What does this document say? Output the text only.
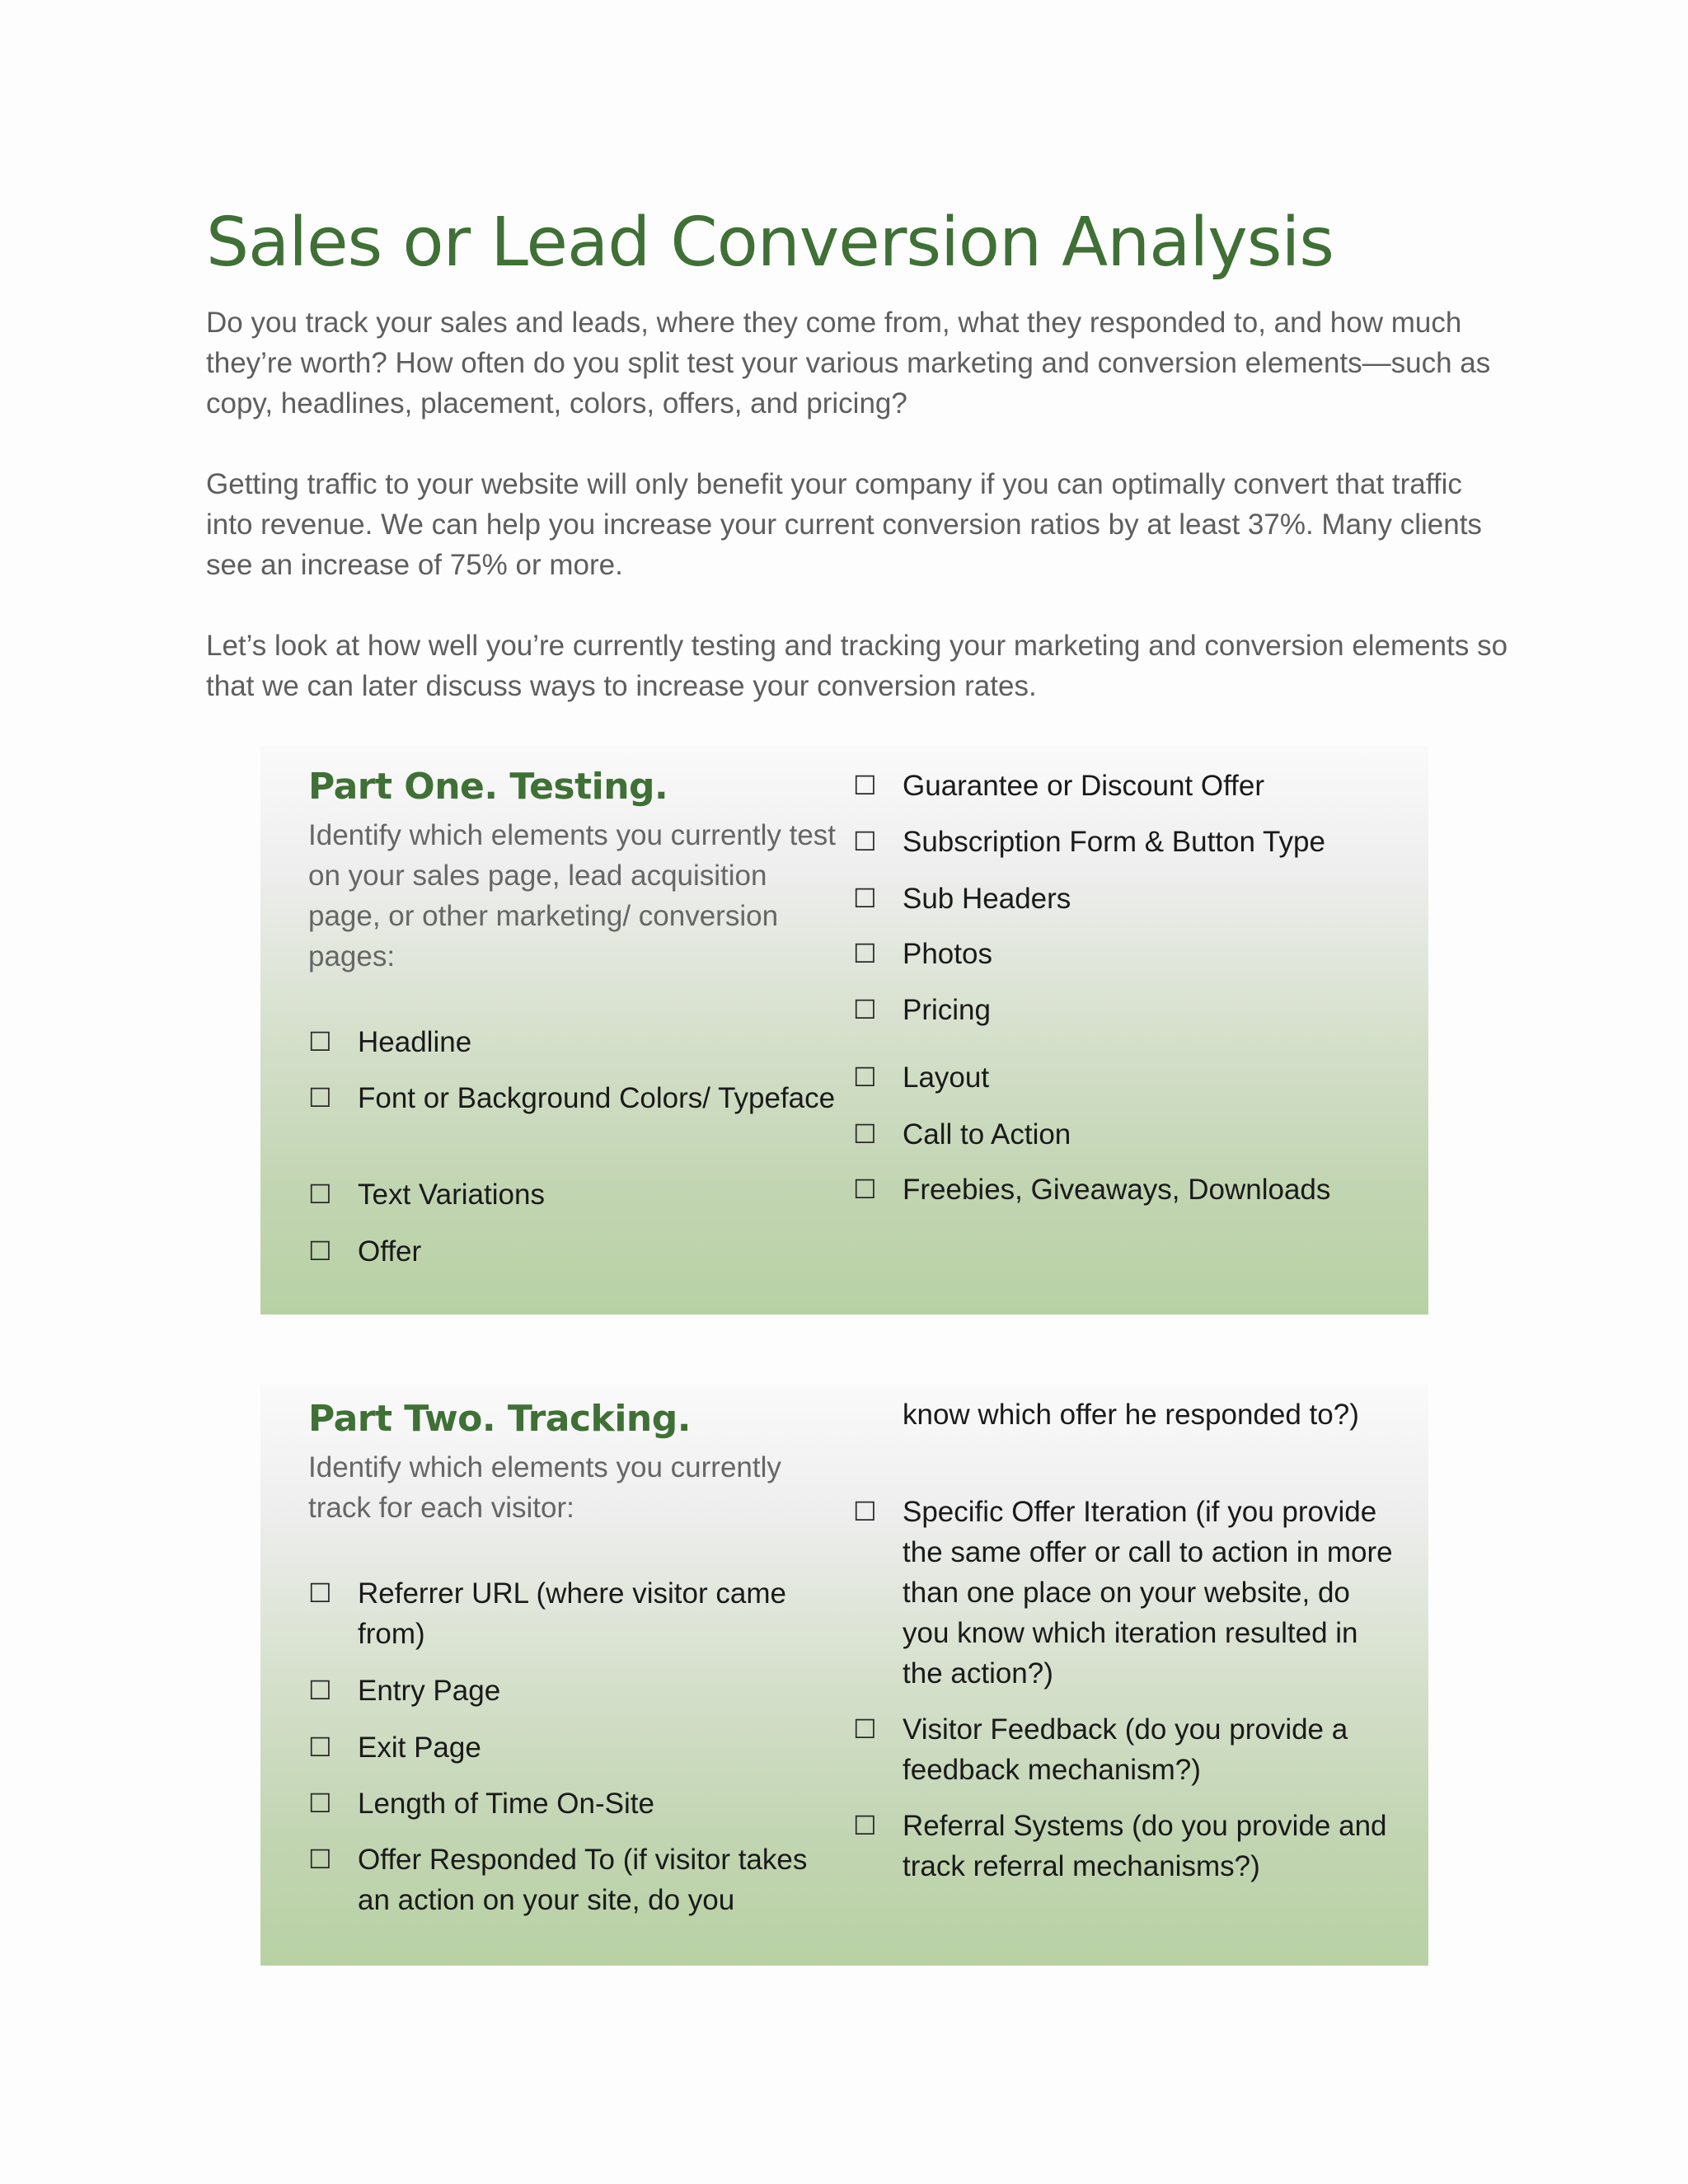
Sales or Lead Conversion Analysis

Do you track your sales and leads, where they come from, what they responded to, and how much they’re worth? How often do you split test your various marketing and conversion elements—such as copy, headlines, placement, colors, offers, and pricing?

Getting traffic to your website will only benefit your company if you can optimally convert that traffic into revenue. We can help you increase your current conversion ratios by at least 37%. Many clients see an increase of 75% or more.

Let’s look at how well you’re currently testing and tracking your marketing and conversion elements so that we can later discuss ways to increase your conversion rates.

Part One. Testing.

Identify which elements you currently test on your sales page, lead acquisition page, or other marketing/ conversion pages:

☐ Headline
☐ Font or Background Colors/ Typeface
☐ Text Variations
☐ Offer
☐ Guarantee or Discount Offer
☐ Subscription Form & Button Type
☐ Sub Headers
☐ Photos
☐ Pricing
☐ Layout
☐ Call to Action
☐ Freebies, Giveaways, Downloads
Part Two. Tracking.

Identify which elements you currently track for each visitor:

☐ Referrer URL (where visitor came from)
☐ Entry Page
☐ Exit Page
☐ Length of Time On-Site
☐ Offer Responded To (if visitor takes an action on your site, do you
know which offer he responded to?)
☐ Specific Offer Iteration (if you provide the same offer or call to action in more than one place on your website, do you know which iteration resulted in the action?)
☐ Visitor Feedback (do you provide a feedback mechanism?)
☐ Referral Systems (do you provide and track referral mechanisms?)
